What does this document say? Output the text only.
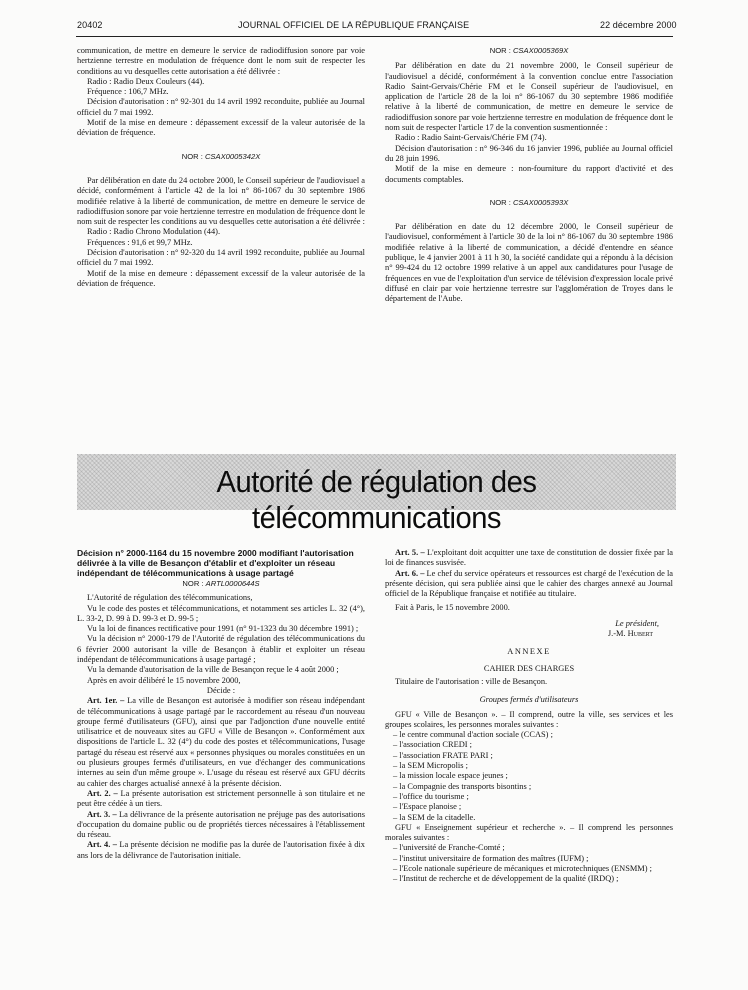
20402	JOURNAL OFFICIEL DE LA RÉPUBLIQUE FRANÇAISE	22 décembre 2000

communication, de mettre en demeure le service de radiodiffusion sonore par voie hertzienne terrestre en modulation de fréquence dont le nom suit de respecter les conditions au vu desquelles cette autorisation a été délivrée :

Radio : Radio Deux Couleurs (44).

Fréquence : 106,7 MHz.

Décision d'autorisation : n° 92-301 du 14 avril 1992 reconduite, publiée au Journal officiel du 7 mai 1992.

Motif de la mise en demeure : dépassement excessif de la valeur autorisée de la déviation de fréquence.

NOR : CSAX0005342X

Par délibération en date du 24 octobre 2000, le Conseil supérieur de l'audiovisuel a décidé, conformément à l'article 42 de la loi n° 86-1067 du 30 septembre 1986 modifiée relative à la liberté de communication, de mettre en demeure le service de radiodiffusion sonore par voie hertzienne terrestre en modulation de fréquence dont le nom suit de respecter les conditions au vu desquelles cette autorisation a été délivrée :

Radio : Radio Chrono Modulation (44).

Fréquences : 91,6 et 99,7 MHz.

Décision d'autorisation : n° 92-320 du 14 avril 1992 reconduite, publiée au Journal officiel du 7 mai 1992.

Motif de la mise en demeure : dépassement excessif de la valeur autorisée de la déviation de fréquence.

NOR : CSAX0005369X

Par délibération en date du 21 novembre 2000, le Conseil supérieur de l'audiovisuel a décidé, conformément à la convention conclue entre l'association Radio Saint-Gervais/Chérie FM et le Conseil supérieur de l'audiovisuel, en application de l'article 28 de la loi n° 86-1067 du 30 septembre 1986 modifiée relative à la liberté de communication, de mettre en demeure le service de radiodiffusion sonore par voie hertzienne terrestre en modulation de fréquence dont le nom suit de respecter l'article 17 de la convention susmentionnée :

Radio : Radio Saint-Gervais/Chérie FM (74).

Décision d'autorisation : n° 96-346 du 16 janvier 1996, publiée au Journal officiel du 28 juin 1996.

Motif de la mise en demeure : non-fourniture du rapport d'activité et des documents comptables.

NOR : CSAX0005393X

Par délibération en date du 12 décembre 2000, le Conseil supérieur de l'audiovisuel, conformément à l'article 30 de la loi n° 86-1067 du 30 septembre 1986 modifiée relative à la liberté de communication, a décidé d'entendre en séance publique, le 4 janvier 2001 à 11 h 30, la société candidate qui a répondu à la décision n° 99-424 du 12 octobre 1999 relative à un appel aux candidatures pour l'usage de fréquences en vue de l'exploitation d'un service de télévision d'expression locale privé diffusé en clair par voie hertzienne terrestre sur l'agglomération de Troyes dans le département de l'Aube.

Autorité de régulation des télécommunications

Décision n° 2000-1164 du 15 novembre 2000 modifiant l'autorisation délivrée à la ville de Besançon d'établir et d'exploiter un réseau indépendant de télécommunications à usage partagé

NOR : ARTL0000644S

L'Autorité de régulation des télécommunications,

Vu le code des postes et télécommunications, et notamment ses articles L. 32 (4°), L. 33-2, D. 99 à D. 99-3 et D. 99-5 ;

Vu la loi de finances rectificative pour 1991 (n° 91-1323 du 30 décembre 1991) ;

Vu la décision n° 2000-179 de l'Autorité de régulation des télécommunications du 6 février 2000 autorisant la ville de Besançon à établir et exploiter un réseau indépendant de télécommunications à usage partagé ;

Vu la demande d'autorisation de la ville de Besançon reçue le 4 août 2000 ;

Après en avoir délibéré le 15 novembre 2000,

Décide :

Art. 1er. – La ville de Besançon est autorisée à modifier son réseau indépendant de télécommunications à usage partagé par le raccordement au réseau d'un nouveau groupe fermé d'utilisateurs (GFU), ainsi que par l'adjonction d'une nouvelle entité utilisatrice et de nouveaux sites au GFU « Ville de Besançon ». Conformément aux dispositions de l'article L. 32 (4°) du code des postes et télécommunications, l'usage partagé du réseau est réservé aux « personnes physiques ou morales constituées en un ou plusieurs groupes fermés d'utilisateurs, en vue d'échanger des communications internes au sein d'un même groupe ». L'usage du réseau est réservé aux GFU décrits au cahier des charges actualisé annexé à la présente décision.

Art. 2. – La présente autorisation est strictement personnelle à son titulaire et ne peut être cédée à un tiers.

Art. 3. – La délivrance de la présente autorisation ne préjuge pas des autorisations d'occupation du domaine public ou de propriétés tierces nécessaires à l'établissement du réseau.

Art. 4. – La présente décision ne modifie pas la durée de l'autorisation fixée à dix ans lors de la délivrance de l'autorisation initiale.

Art. 5. – L'exploitant doit acquitter une taxe de constitution de dossier fixée par la loi de finances susvisée.

Art. 6. – Le chef du service opérateurs et ressources est chargé de l'exécution de la présente décision, qui sera publiée ainsi que le cahier des charges annexé au Journal officiel de la République française et notifiée au titulaire.

Fait à Paris, le 15 novembre 2000.

Le président,

J.-M. Hubert

ANNEXE

CAHIER DES CHARGES

Titulaire de l'autorisation : ville de Besançon.

Groupes fermés d'utilisateurs

GFU « Ville de Besançon ». – Il comprend, outre la ville, ses services et les groupes scolaires, les personnes morales suivantes :

– le centre communal d'action sociale (CCAS) ;

– l'association CREDI ;

– l'association FRATE PARI ;

– la SEM Micropolis ;

– la mission locale espace jeunes ;

– la Compagnie des transports bisontins ;

– l'office du tourisme ;

– l'Espace planoise ;

– la SEM de la citadelle.

GFU « Enseignement supérieur et recherche ». – Il comprend les personnes morales suivantes :

– l'université de Franche-Comté ;

– l'institut universitaire de formation des maîtres (IUFM) ;

– l'Ecole nationale supérieure de mécaniques et microtechniques (ENSMM) ;

– l'Institut de recherche et de développement de la qualité (IRDQ) ;
